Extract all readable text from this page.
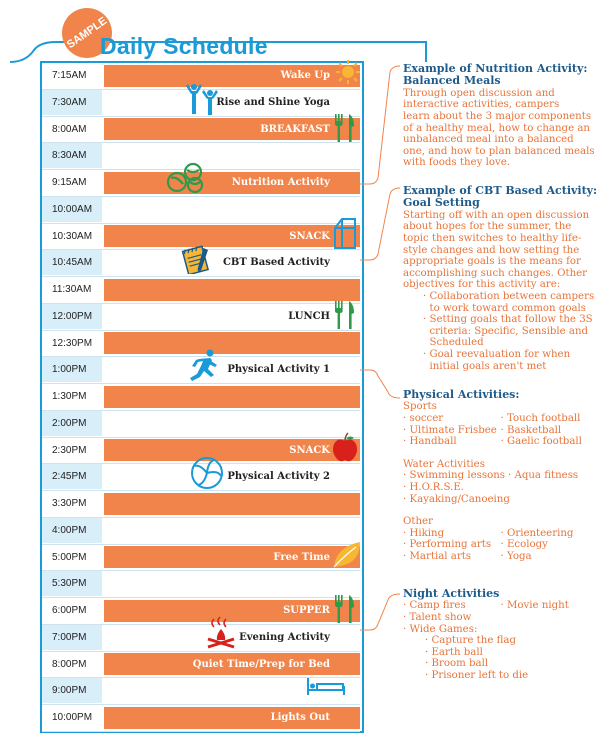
SAMPLE
Daily Schedule
7:15AM	Wake Up
7:30AM	Rise and Shine Yoga
8:00AM	BREAKFAST
8:30AM
9:15AM	Nutrition Activity
10:00AM
10:30AM	SNACK
10:45AM	CBT Based Activity
11:30AM
12:00PM	LUNCH
12:30PM
1:00PM	Physical Activity 1
1:30PM
2:00PM
2:30PM	SNACK
2:45PM	Physical Activity 2
3:30PM
4:00PM
5:00PM	Free Time
5:30PM
6:00PM	SUPPER
7:00PM	Evening Activity
8:00PM	Quiet Time/Prep for Bed
9:00PM
10:00PM	Lights Out
Example of Nutrition Activity:
Balanced Meals
Through open discussion and
interactive activities, campers
learn about the 3 major components
of a healthy meal, how to change an
unbalanced meal into a balanced
one, and how to plan balanced meals
with foods they love.
Example of CBT Based Activity:
Goal Setting
Starting off with an open discussion
about hopes for the summer, the
topic then switches to healthy life-
style changes and how setting the
appropriate goals is the means for
accomplishing such changes. Other
objectives for this activity are:
· Collaboration between campers
to work toward common goals
· Setting goals that follow the 3S
criteria: Specific, Sensible and
Scheduled
· Goal reevaluation for when
initial goals aren't met
Physical Activities:
Sports
· soccer
· Ultimate Frisbee
· Handball
· Touch football
· Basketball
· Gaelic football
Water Activities
· Swimming lessons
· H.O.R.S.E.
· Kayaking/Canoeing
· Aqua fitness
Other
· Hiking
· Performing arts
· Martial arts
· Orienteering
· Ecology
· Yoga
Night Activities
· Camp fires
· Talent show
· Wide Games:
· Movie night
· Capture the flag
· Earth ball
· Broom ball
· Prisoner left to die
